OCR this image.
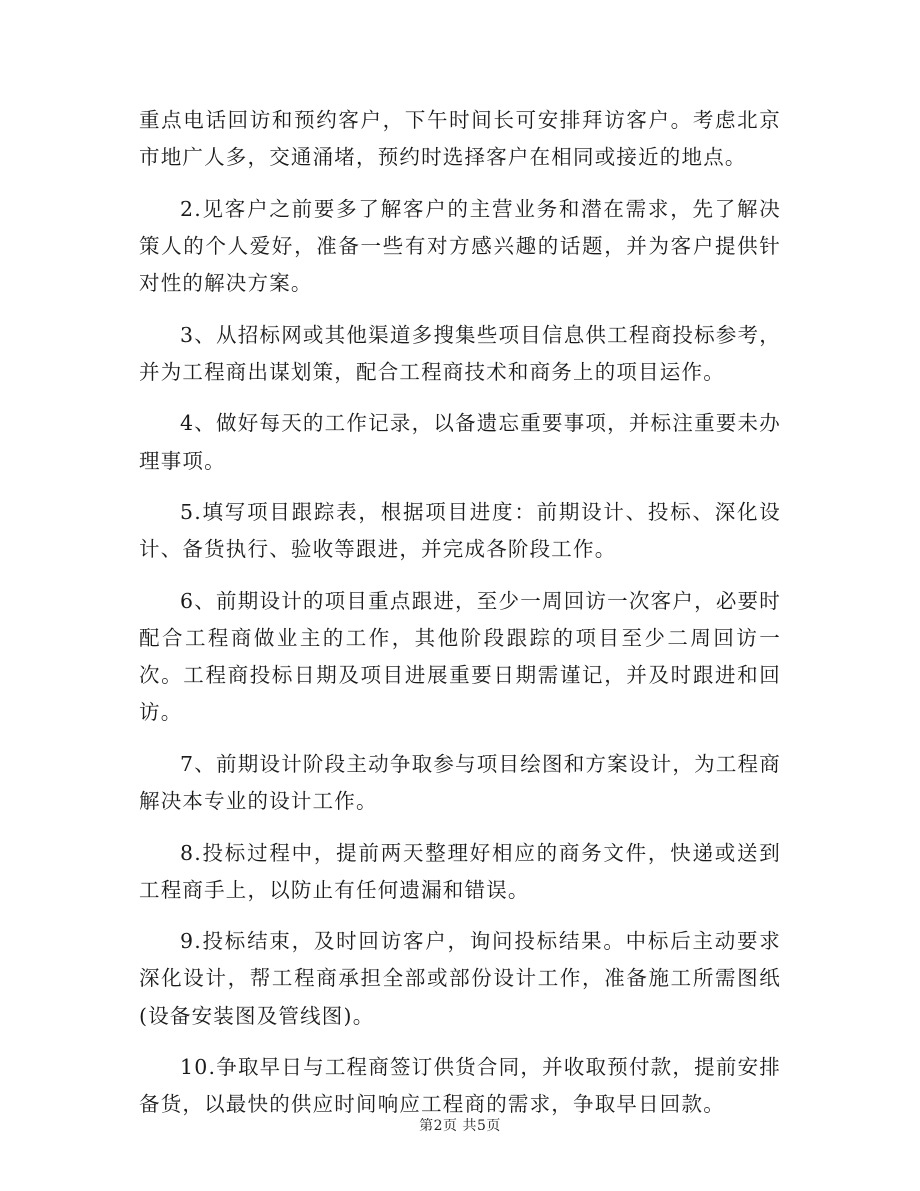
重点电话回访和预约客户，下午时间长可安排拜访客户。考虑北京市地广人多，交通涌堵，预约时选择客户在相同或接近的地点。

2.见客户之前要多了解客户的主营业务和潜在需求，先了解决策人的个人爱好，准备一些有对方感兴趣的话题，并为客户提供针对性的解决方案。

3、从招标网或其他渠道多搜集些项目信息供工程商投标参考，并为工程商出谋划策，配合工程商技术和商务上的项目运作。

4、做好每天的工作记录，以备遗忘重要事项，并标注重要未办理事项。

5.填写项目跟踪表，根据项目进度：前期设计、投标、深化设计、备货执行、验收等跟进，并完成各阶段工作。

6、前期设计的项目重点跟进，至少一周回访一次客户，必要时配合工程商做业主的工作，其他阶段跟踪的项目至少二周回访一次。工程商投标日期及项目进展重要日期需谨记，并及时跟进和回访。

7、前期设计阶段主动争取参与项目绘图和方案设计，为工程商解决本专业的设计工作。

8.投标过程中，提前两天整理好相应的商务文件，快递或送到工程商手上，以防止有任何遗漏和错误。

9.投标结束，及时回访客户，询问投标结果。中标后主动要求深化设计，帮工程商承担全部或部份设计工作，准备施工所需图纸(设备安装图及管线图)。

10.争取早日与工程商签订供货合同，并收取预付款，提前安排备货，以最快的供应时间响应工程商的需求，争取早日回款。

第2页 共5页
